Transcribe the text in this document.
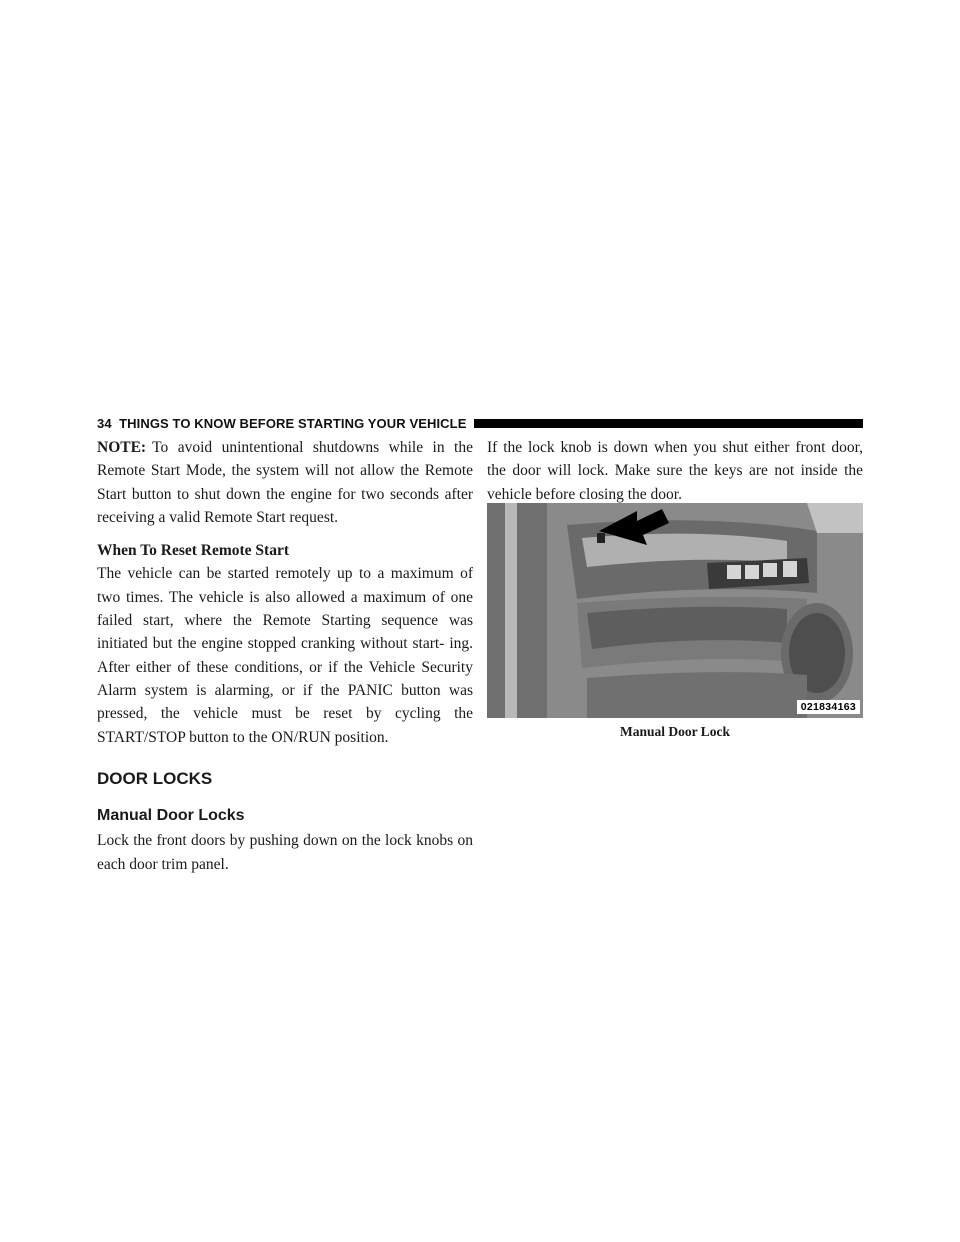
34 THINGS TO KNOW BEFORE STARTING YOUR VEHICLE

NOTE: To avoid unintentional shutdowns while in the Remote Start Mode, the system will not allow the Remote Start button to shut down the engine for two seconds after receiving a valid Remote Start request.

When To Reset Remote Start

The vehicle can be started remotely up to a maximum of two times. The vehicle is also allowed a maximum of one failed start, where the Remote Starting sequence was initiated but the engine stopped cranking without start- ing. After either of these conditions, or if the Vehicle Security Alarm system is alarming, or if the PANIC button was pressed, the vehicle must be reset by cycling the START/STOP button to the ON/RUN position.

DOOR LOCKS
Manual Door Locks

Lock the front doors by pushing down on the lock knobs on each door trim panel.

If the lock knob is down when you shut either front door, the door will lock. Make sure the keys are not inside the vehicle before closing the door.

021834163
Manual Door Lock
